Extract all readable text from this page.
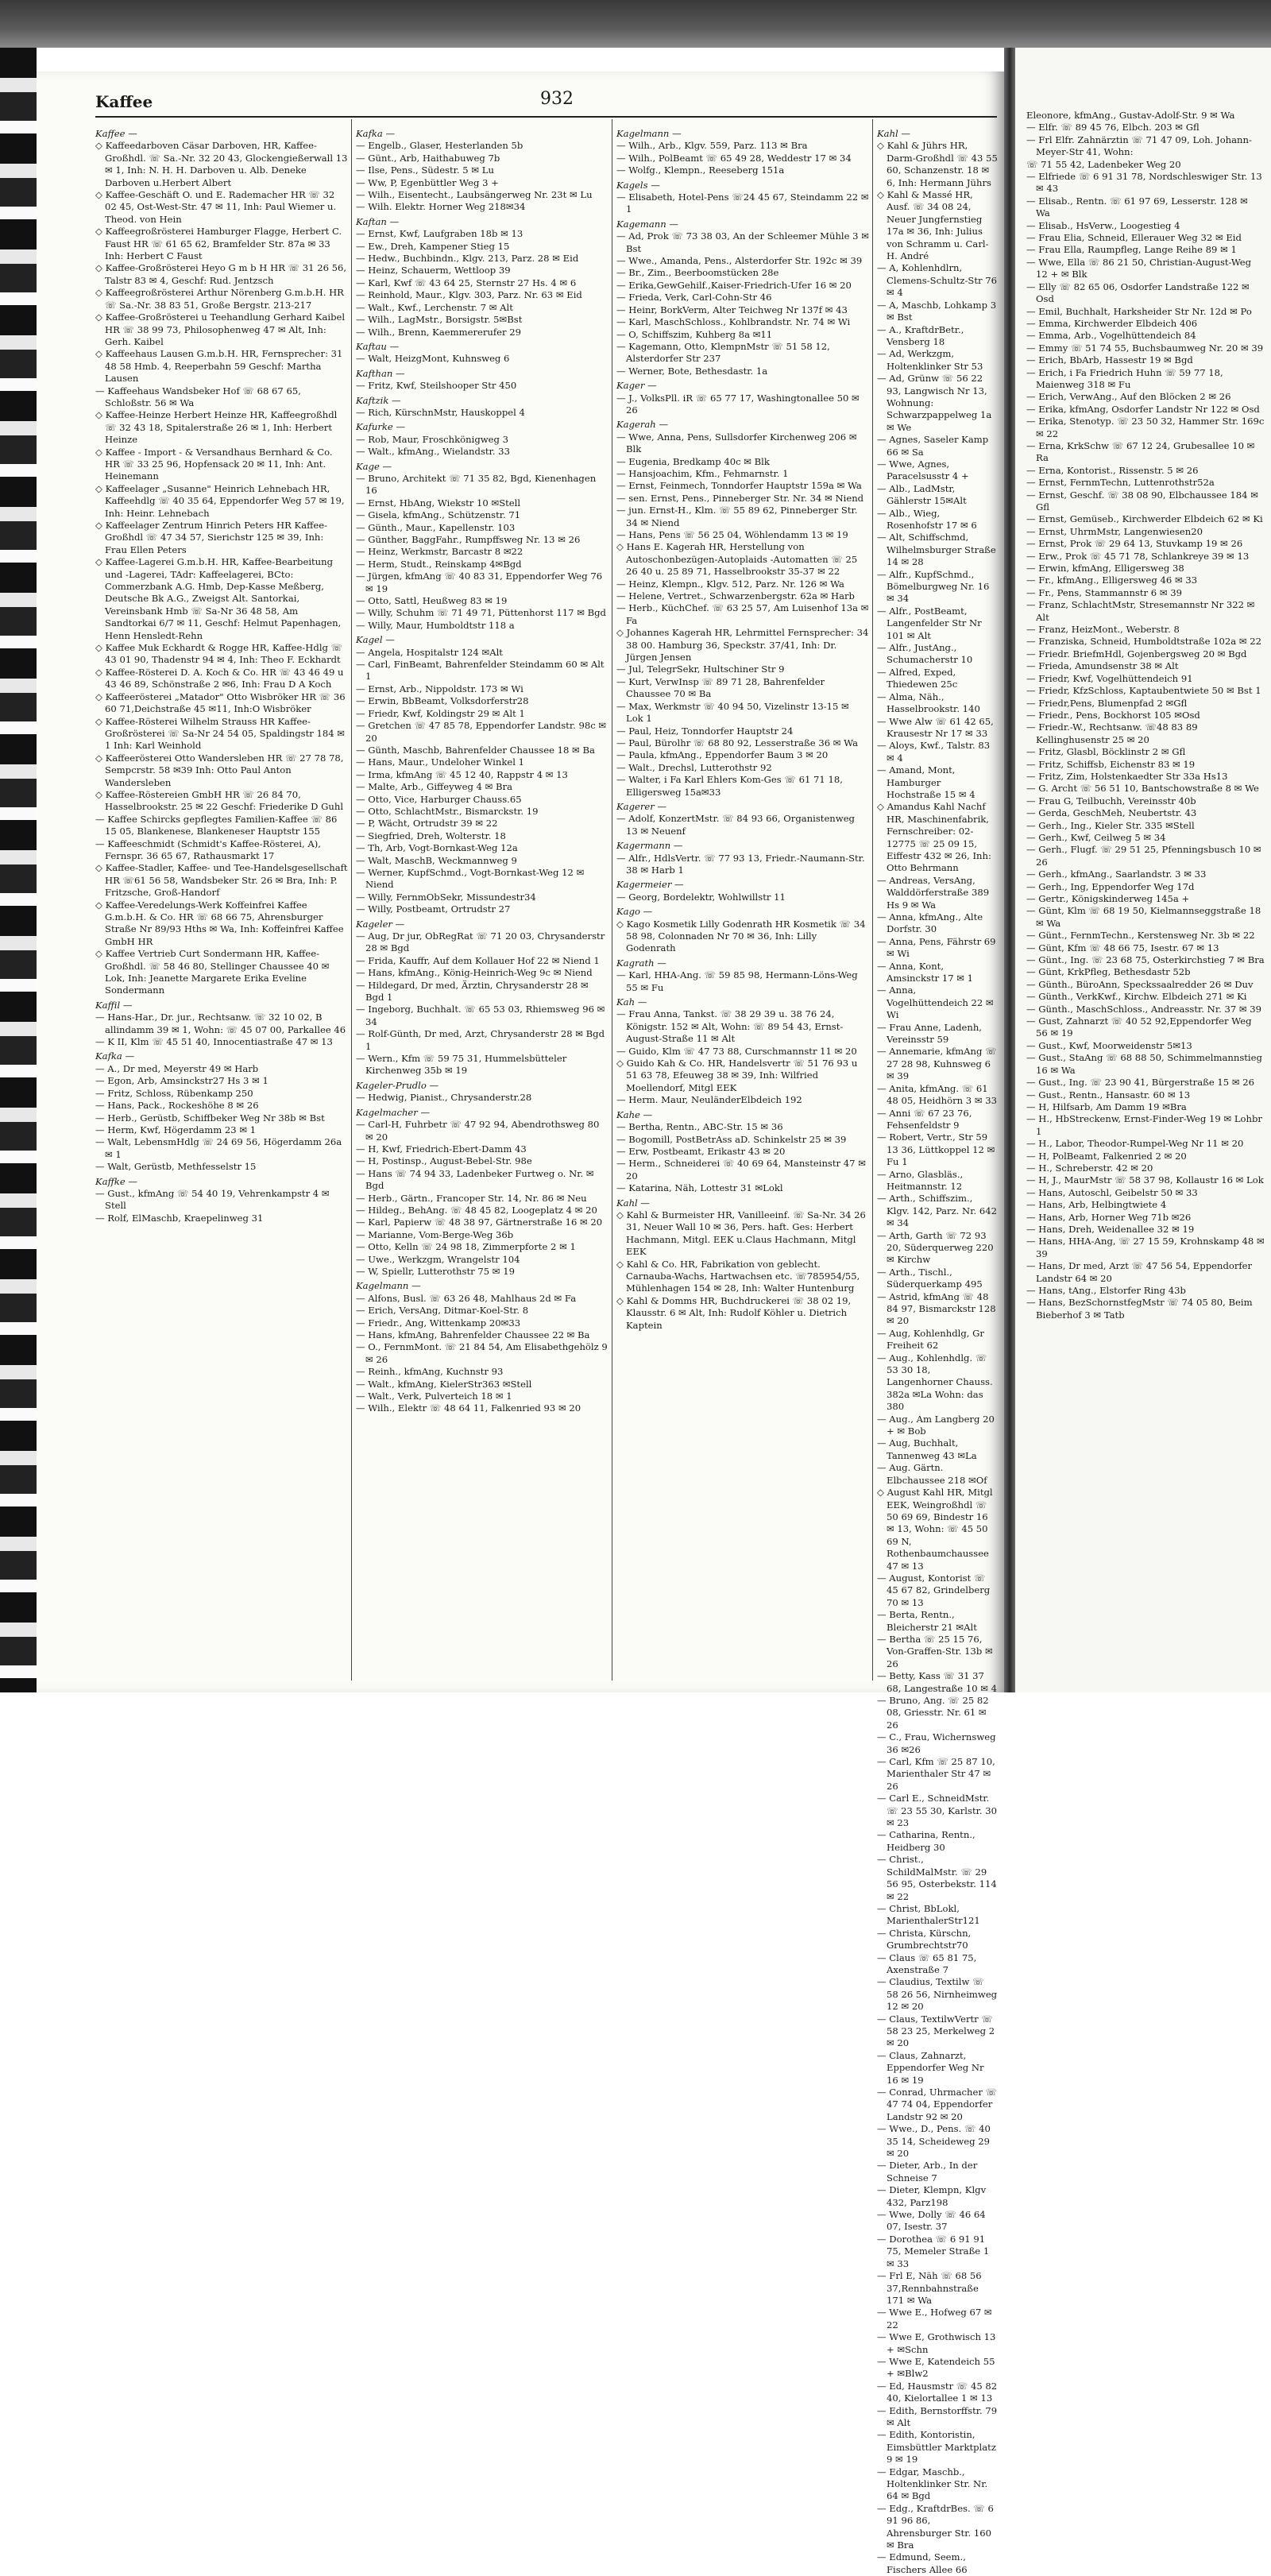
Kaffee	932
Kaffee —
◇ Kaffeedarboven Cäsar Darboven, HR, Kaffee-Großhdl. ☏ Sa.-Nr. 32 20 43, Glockengießerwall 13 ✉ 1, Inh: N. H. H. Darboven u. Alb. Deneke Darboven u.Herbert Albert
◇ Kaffee-Geschäft O. und E. Rademacher HR ☏ 32 02 45, Ost-West-Str. 47 ✉ 11, Inh: Paul Wiemer u. Theod. von Hein
◇ Kaffeegroßrösterei Hamburger Flagge, Herbert C. Faust HR ☏ 61 65 62, Bramfelder Str. 87a ✉ 33 Inh: Herbert C Faust
◇ Kaffee-Großrösterei Heyo G m b H HR ☏ 31 26 56, Talstr 83 ✉ 4, Geschf: Rud. Jentzsch
◇ Kaffeegroßrösterei Arthur Nörenberg G.m.b.H. HR ☏ Sa.-Nr. 38 83 51, Große Bergstr. 213-217
◇ Kaffee-Großrösterei u Teehandlung Gerhard Kaibel HR ☏ 38 99 73, Philosophenweg 47 ✉ Alt, Inh: Gerh. Kaibel
◇ Kaffeehaus Lausen G.m.b.H. HR, Fernsprecher: 31 48 58 Hmb. 4, Reeperbahn 59 Geschf: Martha Lausen
— Kaffeehaus Wandsbeker Hof ☏ 68 67 65, Schloßstr. 56 ✉ Wa
◇ Kaffee-Heinze Herbert Heinze HR, Kaffeegroßhdl ☏ 32 43 18, Spitalerstraße 26 ✉ 1, Inh: Herbert Heinze
◇ Kaffee - Import - & Versandhaus Bernhard & Co. HR ☏ 33 25 96, Hopfensack 20 ✉ 11, Inh: Ant. Heinemann
◇ Kaffeelager „Susanne" Heinrich Lehnebach HR, Kaffeehdlg ☏ 40 35 64, Eppendorfer Weg 57 ✉ 19, Inh: Heinr. Lehnebach
◇ Kaffeelager Zentrum Hinrich Peters HR Kaffee-Großhdl ☏ 47 34 57, Sierichstr 125 ✉ 39, Inh: Frau Ellen Peters
◇ Kaffee-Lagerei G.m.b.H. HR, Kaffee-Bearbeitung und -Lagerei, TAdr: Kaffeelagerei, BCto: Commerzbank A.G. Hmb, Dep-Kasse Meßberg, Deutsche Bk A.G., Zweigst Alt. Santorkai, Vereinsbank Hmb ☏ Sa-Nr 36 48 58, Am Sandtorkai 6/7 ✉ 11, Geschf: Helmut Papenhagen, Henn Hensledt-Rehn
◇ Kaffee Muk Eckhardt & Rogge HR, Kaffee-Hdlg ☏ 43 01 90, Thadenstr 94 ✉ 4, Inh: Theo F. Eckhardt
◇ Kaffee-Rösterei D. A. Koch & Co. HR ☏ 43 46 49 u 43 46 89, Schönstraße 2 ✉6, Inh: Frau D A Koch
◇ Kaffeerösterei „Matador" Otto Wisbröker HR ☏ 36 60 71,Deichstraße 45 ✉11, Inh:O Wisbröker
◇ Kaffee-Rösterei Wilhelm Strauss HR Kaffee-Großrösterei ☏ Sa-Nr 24 54 05, Spaldingstr 184 ✉ 1 Inh: Karl Weinhold
◇ Kaffeerösterei Otto Wandersleben HR ☏ 27 78 78, Sempcrstr. 58 ✉39 Inh: Otto Paul Anton Wandersleben
◇ Kaffee-Röstereien GmbH HR ☏ 26 84 70, Hasselbrookstr. 25 ✉ 22 Geschf: Friederike D Guhl
— Kaffee Schircks gepflegtes Familien-Kaffee ☏ 86 15 05, Blankenese, Blankeneser Hauptstr 155
— Kaffeeschmidt (Schmidt's Kaffee-Rösterei, A), Fernspr. 36 65 67, Rathausmarkt 17
◇ Kaffee-Stadler, Kaffee- und Tee-Handelsgesellschaft HR ☏61 56 58, Wandsbeker Str. 26 ✉ Bra, Inh: P. Fritzsche, Groß-Handorf
◇ Kaffee-Veredelungs-Werk Koffeinfrei Kaffee G.m.b.H. & Co. HR ☏ 68 66 75, Ahrensburger Straße Nr 89/93 Hths ✉ Wa, Inh: Koffeinfrei Kaffee GmbH HR
◇ Kaffee Vertrieb Curt Sondermann HR, Kaffee-Großhdl. ☏ 58 46 80, Stellinger Chaussee 40 ✉ Lok, Inh: Jeanette Margarete Erika Eveline Sondermann
Kaffil —
— Hans-Har., Dr. jur., Rechtsanw. ☏ 32 10 02, B allindamm 39 ✉ 1, Wohn: ☏ 45 07 00, Parkallee 46
— K II, Klm ☏ 45 51 40, Innocentiastraße 47 ✉ 13
Kafka —
— A., Dr med, Meyerstr 49 ✉ Harb
— Egon, Arb, Amsinckstr27 Hs 3 ✉ 1
— Fritz, Schloss, Rübenkamp 250
— Hans, Pack., Rockeshöhe 8 ✉ 26
— Herb., Gerüstb, Schiffbeker Weg Nr 38b ✉ Bst
— Herm, Kwf, Högerdamm 23 ✉ 1
— Walt, LebensmHdlg ☏ 24 69 56, Högerdamm 26a ✉ 1
— Walt, Gerüstb, Methfesselstr 15
Kaffke —
— Gust., kfmAng ☏ 54 40 19, Vehrenkampstr 4 ✉ Stell
— Rolf, ElMaschb, Kraepelinweg 31
Kafka —
— Engelb., Glaser, Hesterlanden 5b
— Günt., Arb, Haithabuweg 7b
— Ilse, Pens., Südestr. 5 ✉ Lu
— Ww, P, Egenbüttler Weg 3 +
— Wilh., Eisentecht., Laubsängerweg Nr. 23t ✉ Lu
— Wilh. Elektr. Horner Weg 218✉34
Kaftan —
— Ernst, Kwf, Laufgraben 18b ✉ 13
— Ew., Dreh, Kampener Stieg 15
— Hedw., Buchbindn., Klgv. 213, Parz. 28 ✉ Eid
— Heinz, Schauerm, Wettloop 39
— Karl, Kwf ☏ 43 64 25, Sternstr 27 Hs. 4 ✉ 6
— Reinhold, Maur., Klgv. 303, Parz. Nr. 63 ✉ Eid
— Walt., Kwf., Lerchenstr. 7 ✉ Alt
— Wilh., LagMstr., Borsigstr. 5✉Bst
— Wilh., Brenn, Kaemmererufer 29
Kaftau —
— Walt, HeizgMont, Kuhnsweg 6
Kafthan —
— Fritz, Kwf, Steilshooper Str 450
Kaftzik —
— Rich, KürschnMstr, Hauskoppel 4
Kafurke —
— Rob, Maur, Froschkönigweg 3
— Walt., kfmAng., Wielandstr. 33
Kage —
— Bruno, Architekt ☏ 71 35 82, Bgd, Kienenhagen 16
— Ernst, HbAng, Wiekstr 10 ✉Stell
— Gisela, kfmAng., Schützenstr. 71
— Günth., Maur., Kapellenstr. 103
— Günther, BaggFahr., Rumpffsweg Nr. 13 ✉ 26
— Heinz, Werkmstr, Barcastr 8 ✉22
— Herm, Studt., Reinskamp 4✉Bgd
— Jürgen, kfmAng ☏ 40 83 31, Eppendorfer Weg 76 ✉ 19
— Otto, Sattl, Heußweg 83 ✉ 19
— Willy, Schuhm ☏ 71 49 71, Püttenhorst 117 ✉ Bgd
— Willy, Maur, Humboldtstr 118 a
Kagel —
— Angela, Hospitalstr 124 ✉Alt
— Carl, FinBeamt, Bahrenfelder Steindamm 60 ✉ Alt 1
— Ernst, Arb., Nippoldstr. 173 ✉ Wi
— Erwin, BbBeamt, Volksdorferstr28
— Friedr, Kwf, Koldingstr 29 ✉ Alt 1
— Gretchen ☏ 47 85 78, Eppendorfer Landstr. 98c ✉ 20
— Günth, Maschb, Bahrenfelder Chaussee 18 ✉ Ba
— Hans, Maur., Undeloher Winkel 1
— Irma, kfmAng ☏ 45 12 40, Rappstr 4 ✉ 13
— Malte, Arb., Giffeyweg 4 ✉ Bra
— Otto, Vice, Harburger Chauss.65
— Otto, SchlachtMstr., Bismarckstr. 19
— P, Wächt, Ortrudstr 39 ✉ 22
— Siegfried, Dreh, Wolterstr. 18
— Th, Arb, Vogt-Bornkast-Weg 12a
— Walt, MaschB, Weckmannweg 9
— Werner, KupfSchmd., Vogt-Bornkast-Weg 12 ✉ Niend
— Willy, FernmObSekr, Missundestr34
— Willy, Postbeamt, Ortrudstr 27
Kageler —
— Aug, Dr jur, ObRegRat ☏ 71 20 03, Chrysanderstr 28 ✉ Bgd
— Frida, Kauffr, Auf dem Kollauer Hof 22 ✉ Niend 1
— Hans, kfmAng., König-Heinrich-Weg 9c ✉ Niend
— Hildegard, Dr med, Ärztin, Chrysanderstr 28 ✉ Bgd 1
— Ingeborg, Buchhalt. ☏ 65 53 03, Rhiemsweg 96 ✉ 34
— Rolf-Günth, Dr med, Arzt, Chrysanderstr 28 ✉ Bgd 1
— Wern., Kfm ☏ 59 75 31, Hummelsbütteler Kirchenweg 35b ✉ 19
Kageler-Prudlo —
— Hedwig, Pianist., Chrysanderstr.28
Kagelmacher —
— Carl-H, Fuhrbetr ☏ 47 92 94, Abendrothsweg 80 ✉ 20
— H, Kwf, Friedrich-Ebert-Damm 43
— H, Postinsp., August-Bebel-Str. 98e
— Hans ☏ 74 94 33, Ladenbeker Furtweg o. Nr. ✉ Bgd
— Herb., Gärtn., Francoper Str. 14, Nr. 86 ✉ Neu
— Hildeg., BehAng. ☏ 48 45 82, Loogeplatz 4 ✉ 20
— Karl, Papierw ☏ 48 38 97, Gärtnerstraße 16 ✉ 20
— Marianne, Vom-Berge-Weg 36b
— Otto, Kelln ☏ 24 98 18, Zimmerpforte 2 ✉ 1
— Uwe., Werkzgm, Wrangelstr 104
— W, Spiellr, Lutterothstr 75 ✉ 19
Kagelmann —
— Alfons, Busl. ☏ 63 26 48, Mahlhaus 2d ✉ Fa
— Erich, VersAng, Ditmar-Koel-Str. 8
— Friedr., Ang, Wittenkamp 20✉33
— Hans, kfmAng, Bahrenfelder Chaussee 22 ✉ Ba
— O., FernmMont. ☏ 21 84 54, Am Elisabethgehölz 9 ✉ 26
— Reinh., kfmAng, Kuchnstr 93
— Walt., kfmAng, KielerStr363 ✉Stell
— Walt., Verk, Pulverteich 18 ✉ 1
— Wilh., Elektr ☏ 48 64 11, Falkenried 93 ✉ 20
Kagelmann —
— Wilh., Arb., Klgv. 559, Parz. 113 ✉ Bra
— Wilh., PolBeamt ☏ 65 49 28, Weddestr 17 ✉ 34
— Wolfg., Klempn., Reeseberg 151a
Kagels —
— Elisabeth, Hotel-Pens ☏24 45 67, Steindamm 22 ✉ 1
Kagemann —
— Ad, Prok ☏ 73 38 03, An der Schleemer Mühle 3 ✉ Bst
— Wwe., Amanda, Pens., Alsterdorfer Str. 192c ✉ 39
— Br., Zim., Beerboomstücken 28e
— Erika,GewGehilf.,Kaiser-Friedrich-Ufer 16 ✉ 20
— Frieda, Verk, Carl-Cohn-Str 46
— Heinr, BorkVerm, Alter Teichweg Nr 137f ✉ 43
— Karl, MaschSchloss., Kohlbrandstr. Nr. 74 ✉ Wi
— O, Schiffszim, Kuhberg 8a ✉11
— Kagemann, Otto, KlempnMstr ☏ 51 58 12, Alsterdorfer Str 237
— Werner, Bote, Bethesdastr. 1a
Kager —
— J., VolksPll. iR ☏ 65 77 17, Washingtonallee 50 ✉ 26
Kagerah —
— Wwe, Anna, Pens, Sullsdorfer Kirchenweg 206 ✉ Blk
— Eugenia, Bredkamp 40c ✉ Blk
— Hansjoachim, Kfm., Fehmarnstr. 1
— Ernst, Feinmech, Tonndorfer Hauptstr 159a ✉ Wa
— sen. Ernst, Pens., Pinneberger Str. Nr. 34 ✉ Niend
— jun. Ernst-H., Klm. ☏ 55 89 62, Pinneberger Str. 34 ✉ Niend
— Hans, Pens ☏ 56 25 04, Wöhlendamm 13 ✉ 19
◇ Hans E. Kagerah HR, Herstellung von Autoschonbezügen-Autoplaids -Automatten ☏ 25 26 40 u. 25 89 71, Hasselbrookstr 35-37 ✉ 22
— Heinz, Klempn., Klgv. 512, Parz. Nr. 126 ✉ Wa
— Helene, Vertret., Schwarzenbergstr. 62a ✉ Harb
— Herb., KüchChef. ☏ 63 25 57, Am Luisenhof 13a ✉ Fa
◇ Johannes Kagerah HR, Lehrmittel Fernsprecher: 34 38 00. Hamburg 36, Speckstr. 37/41, Inh: Dr. Jürgen Jensen
— Jul, TelegrSekr, Hultschiner Str 9
— Kurt, VerwInsp ☏ 89 71 28, Bahrenfelder Chaussee 70 ✉ Ba
— Max, Werkmstr ☏ 40 94 50, Vizelinstr 13-15 ✉ Lok 1
— Paul, Heiz, Tonndorfer Hauptstr 24
— Paul, Bürolhr ☏ 68 80 92, Lesserstraße 36 ✉ Wa
— Paula, kfmAng., Eppendorfer Baum 3 ✉ 20
— Walt., Drechsl, Lutterothstr 92
— Walter, i Fa Karl Ehlers Kom-Ges ☏ 61 71 18, Elligersweg 15a✉33
Kagerer —
— Adolf, KonzertMstr. ☏ 84 93 66, Organistenweg 13 ✉ Neuenf
Kagermann —
— Alfr., HdlsVertr. ☏ 77 93 13, Friedr.-Naumann-Str. 38 ✉ Harb 1
Kagermeier —
— Georg, Bordelektr, Wohlwillstr 11
Kago —
◇ Kago Kosmetik Lilly Godenrath HR Kosmetik ☏ 34 58 98, Colonnaden Nr 70 ✉ 36, Inh: Lilly Godenrath
Kagrath —
— Karl, HHA-Ang. ☏ 59 85 98, Hermann-Löns-Weg 55 ✉ Fu
Kah —
— Frau Anna, Tankst. ☏ 38 29 39 u. 38 76 24, Königstr. 152 ✉ Alt, Wohn: ☏ 89 54 43, Ernst-August-Straße 11 ✉ Alt
— Guido, Klm ☏ 47 73 88, Curschmannstr 11 ✉ 20
◇ Guido Kah & Co. HR, Handelsvertr ☏ 51 76 93 u 51 63 78, Efeuweg 38 ✉ 39, Inh: Wilfried Moellendorf, Mitgl EEK
— Herm. Maur, NeuländerElbdeich 192
Kahe —
— Bertha, Rentn., ABC-Str. 15 ✉ 36
— Bogomill, PostBetrAss aD. Schinkelstr 25 ✉ 39
— Erw, Postbeamt, Erikastr 43 ✉ 20
— Herm., Schneiderei ☏ 40 69 64, Mansteinstr 47 ✉ 20
— Katarina, Näh, Lottestr 31 ✉Lokl
Kahl —
◇ Kahl & Burmeister HR, Vanilleeinf. ☏ Sa-Nr. 34 26 31, Neuer Wall 10 ✉ 36, Pers. haft. Ges: Herbert Hachmann, Mitgl. EEK u.Claus Hachmann, Mitgl EEK
◇ Kahl & Co. HR, Fabrikation von geblecht. Carnauba-Wachs, Hartwachsen etc. ☏785954/55, Mühlenhagen 154 ✉ 28, Inh: Walter Huntenburg
◇ Kahl & Domms HR, Buchdruckerei ☏ 38 02 19, Klausstr. 6 ✉ Alt, Inh: Rudolf Köhler u. Dietrich Kaptein
Kahl —
◇ Kahl & Jührs HR, Darm-Großhdl ☏ 43 55 60, Schanzenstr. 18 ✉ 6, Inh: Hermann Jührs
◇ Kahl & Massé HR, Ausf. ☏ 34 08 24, Neuer Jungfernstieg 17a ✉ 36, Inh: Julius von Schramm u. Carl-H. André
— A, Kohlenhdlrn, Clemens-Schultz-Str 76 ✉ 4
— A, Maschb, Lohkamp 3 ✉ Bst
— A., KraftdrBetr., Vensberg 18
— Ad, Werkzgm, Holtenklinker Str 53
— Ad, Grünw ☏ 56 22 93, Langwisch Nr 13, Wohnung: Schwarzpappelweg 1a ✉ We
— Agnes, Saseler Kamp 66 ✉ Sa
— Wwe, Agnes, Paracelsusstr 4 +
— Alb., LadMstr, Gählerstr 15✉Alt
— Alb., Wieg, Rosenhofstr 17 ✉ 6
— Alt, Schiffschmd, Wilhelmsburger Straße 14 ✉ 28
— Alfr., KupfSchmd., Bömelburgweg Nr. 16 ✉ 34
— Alfr., PostBeamt, Langenfelder Str Nr 101 ✉ Alt
— Alfr., JustAng., Schumacherstr 10
— Alfred, Exped, Thiedewen 25c
— Alma, Näh., Hasselbrookstr. 140
— Wwe Alw ☏ 61 42 65, Krausestr Nr 17 ✉ 33
— Aloys, Kwf., Talstr. 83 ✉ 4
— Amand, Mont, Hamburger Hochstraße 15 ✉ 4
◇ Amandus Kahl Nachf HR, Maschinenfabrik, Fernschreiber: 02-12775 ☏ 25 09 15, Eiffestr 432 ✉ 26, Inh: Otto Behrmann
— Andreas, VersAng, Walddörferstraße 389 Hs 9 ✉ Wa
— Anna, kfmAng., Alte Dorfstr. 30
— Anna, Pens, Fährstr 69 ✉ Wi
— Anna, Kont, Amsinckstr 17 ✉ 1
— Anna, Vogelhüttendeich 22 ✉ Wi
— Frau Anne, Ladenh, Vereinsstr 59
— Annemarie, kfmAng ☏ 27 28 98, Kuhnsweg 6 ✉ 39
— Anita, kfmAng. ☏ 61 48 05, Heidhörn 3 ✉ 33
— Anni ☏ 67 23 76, Fehsenfeldstr 9
— Robert, Vertr., Str 59 13 36, Lüttkoppel 12 ✉ Fu 1
— Arno, Glasbläs., Heitmannstr. 12
— Arth., Schiffszim., Klgv. 142, Parz. Nr. 642 ✉ 34
— Arth, Garth ☏ 72 93 20, Süderquerweg 220 ✉ Kirchw
— Arth., Tischl., Süderquerkamp 495
— Astrid, kfmAng ☏ 48 84 97, Bismarckstr 128 ✉ 20
— Aug, Kohlenhdlg, Gr Freiheit 62
— Aug., Kohlenhdlg. ☏ 53 30 18, Langenhorner Chauss. 382a ✉La Wohn: das 380
— Aug., Am Langberg 20 + ✉ Bob
— Aug, Buchhalt, Tannenweg 43 ✉La
— Aug. Gärtn. Elbchaussee 218 ✉Of
◇ August Kahl HR, Mitgl EEK, Weingroßhdl ☏ 50 69 69, Bindestr 16 ✉ 13, Wohn: ☏ 45 50 69 N, Rothenbaumchaussee 47 ✉ 13
— August, Kontorist ☏ 45 67 82, Grindelberg 70 ✉ 13
— Berta, Rentn., Bleicherstr 21 ✉Alt
— Bertha ☏ 25 15 76, Von-Graffen-Str. 13b ✉ 26
— Betty, Kass ☏ 31 37 68, Langestraße 10 ✉ 4
— Bruno, Ang. ☏ 25 82 08, Griesstr. Nr. 61 ✉ 26
— C., Frau, Wichernsweg 36 ✉26
— Carl, Kfm ☏ 25 87 10, Marienthaler Str 47 ✉ 26
— Carl E., SchneidMstr. ☏ 23 55 30, Karlstr. 30 ✉ 23
— Catharina, Rentn., Heidberg 30
— Christ., SchildMalMstr. ☏ 29 56 95, Osterbekstr. 114 ✉ 22
— Christ, BbLokl, MarienthalerStr121
— Christa, Kürschn, Grumbrechtstr70
— Claus ☏ 65 81 75, Axenstraße 7
— Claudius, Textilw ☏ 58 26 56, Nirnheimweg 12 ✉ 20
— Claus, TextilwVertr ☏ 58 23 25, Merkelweg 2 ✉ 20
— Claus, Zahnarzt, Eppendorfer Weg Nr 16 ✉ 19
— Conrad, Uhrmacher ☏ 47 74 04, Eppendorfer Landstr 92 ✉ 20
— Wwe., D., Pens. ☏ 40 35 14, Scheideweg 29 ✉ 20
— Dieter, Arb., In der Schneise 7
— Dieter, Klempn, Klgv 432, Parz198
— Wwe, Dolly ☏ 46 64 07, Isestr. 37
— Dorothea ☏ 6 91 91 75, Memeler Straße 1 ✉ 33
— Frl E, Näh ☏ 68 56 37,Rennbahnstraße 171 ✉ Wa
— Wwe E., Hofweg 67 ✉ 22
— Wwe E, Grothwisch 13 + ✉Schn
— Wwe E, Katendeich 55 + ✉Blw2
— Ed, Hausmstr ☏ 45 82 40, Kielortallee 1 ✉ 13
— Edith, Bernstorffstr. 79 ✉ Alt
— Edith, Kontoristin, Eimsbüttler Marktplatz 9 ✉ 19
— Edgar, Maschb., Holtenklinker Str. Nr. 64 ✉ Bgd
— Edg., KraftdrBes. ☏ 6 91 96 86, Ahrensburger Str. 160 ✉ Bra
— Edmund, Seem., Fischers Allee 66
Eleonore, kfmAng., Gustav-Adolf-Str. 9 ✉ Wa
— Elfr. ☏ 89 45 76, Elbch. 203 ✉ Gfl
— Frl Elfr. Zahnärztin ☏ 71 47 09, Loh. Johann-Meyer-Str 41, Wohn:
☏ 71 55 42, Ladenbeker Weg 20
— Elfriede ☏ 6 91 31 78, Nordschleswiger Str. 13 ✉ 43
— Elisab., Rentn. ☏ 61 97 69, Lesserstr. 128 ✉ Wa
— Elisab., HsVerw., Loogestieg 4
— Frau Elia, Schneid, Ellerauer Weg 32 ✉ Eid
— Frau Ella, Raumpfleg, Lange Reihe 89 ✉ 1
— Wwe, Ella ☏ 86 21 50, Christian-August-Weg 12 + ✉ Blk
— Elly ☏ 82 65 06, Osdorfer Landstraße 122 ✉ Osd
— Emil, Buchhalt, Harksheider Str Nr. 12d ✉ Po
— Emma, Kirchwerder Elbdeich 406
— Emma, Arb., Vogelhüttendeich 84
— Emmy ☏ 51 74 55, Buchsbaumweg Nr. 20 ✉ 39
— Erich, BbArb, Hassestr 19 ✉ Bgd
— Erich, i Fa Friedrich Huhn ☏ 59 77 18, Maienweg 318 ✉ Fu
— Erich, VerwAng., Auf den Blöcken 2 ✉ 26
— Erika, kfmAng, Osdorfer Landstr Nr 122 ✉ Osd
— Erika, Stenotyp. ☏ 23 50 32, Hammer Str. 169c ✉ 22
— Erna, KrkSchw ☏ 67 12 24, Grubesallee 10 ✉ Ra
— Erna, Kontorist., Rissenstr. 5 ✉ 26
— Ernst, FernmTechn, Luttenrothstr52a
— Ernst, Geschf. ☏ 38 08 90, Elbchaussee 184 ✉ Gfl
— Ernst, Gemüseb., Kirchwerder Elbdeich 62 ✉ Ki
— Ernst, UhrmMstr, Langenwiesen20
— Ernst, Prok ☏ 29 64 13, Stuvkamp 19 ✉ 26
— Erw., Prok ☏ 45 71 78, Schlankreye 39 ✉ 13
— Erwin, kfmAng, Elligersweg 38
— Fr., kfmAng., Elligersweg 46 ✉ 33
— Fr., Pens, Stammannstr 6 ✉ 39
— Franz, SchlachtMstr, Stresemannstr Nr 322 ✉ Alt
— Franz, HeizMont., Weberstr. 8
— Franziska, Schneid, Humboldtstraße 102a ✉ 22
— Friedr. BriefmHdl, Gojenbergsweg 20 ✉ Bgd
— Frieda, Amundsenstr 38 ✉ Alt
— Friedr, Kwf, Vogelhüttendeich 91
— Friedr, KfzSchloss, Kaptaubentwiete 50 ✉ Bst 1
— Friedr,Pens, Blumenpfad 2 ✉Gfl
— Friedr., Pens, Bockhorst 105 ✉Osd
— Friedr.-W., Rechtsanw. ☏48 83 89 Kellinghusenstr 25 ✉ 20
— Fritz, Glasbl, Böcklinstr 2 ✉ Gfl
— Fritz, Schiffsb, Eichenstr 83 ✉ 19
— Fritz, Zim, Holstenkaedter Str 33a Hs13
— G. Archt ☏ 56 51 10, Bantschowstraße 8 ✉ We
— Frau G, Teilbuchh, Vereinsstr 40b
— Gerda, GeschMeh, Neubertstr. 43
— Gerh., Ing., Kieler Str. 335 ✉Stell
— Gerh., Kwf, Ceilweg 5 ✉ 34
— Gerh., Flugf. ☏ 29 51 25, Pfenningsbusch 10 ✉ 26
— Gerh., kfmAng., Saarlandstr. 3 ✉ 33
— Gerh., Ing, Eppendorfer Weg 17d
— Gertr., Königskinderweg 145a +
— Günt, Klm ☏ 68 19 50, Kielmannseggstraße 18 ✉ Wa
— Günt., FernmTechn., Kerstensweg Nr. 3b ✉ 22
— Günt, Kfm ☏ 48 66 75, Isestr. 67 ✉ 13
— Günt., Ing. ☏ 23 68 75, Osterkirchstieg 7 ✉ Bra
— Günt, KrkPfleg, Bethesdastr 52b
— Günth., BüroAnn, Speckssaalredder 26 ✉ Duv
— Günth., VerkKwf., Kirchw. Elbdeich 271 ✉ Ki
— Günth., MaschSchloss., Andreasstr. Nr. 37 ✉ 39
— Gust, Zahnarzt ☏ 40 52 92,Eppendorfer Weg 56 ✉ 19
— Gust., Kwf, Moorweidenstr 5✉13
— Gust., StaAng ☏ 68 88 50, Schimmelmannstieg 16 ✉ Wa
— Gust., Ing. ☏ 23 90 41, Bürgerstraße 15 ✉ 26
— Gust., Rentn., Hansastr. 60 ✉ 13
— H, Hilfsarb, Am Damm 19 ✉Bra
— H., HbStreckenw, Ernst-Finder-Weg 19 ✉ Lohbr 1
— H., Labor, Theodor-Rumpel-Weg Nr 11 ✉ 20
— H, PolBeamt, Falkenried 2 ✉ 20
— H., Schreberstr. 42 ✉ 20
— H, J., MaurMstr ☏ 58 37 98, Kollaustr 16 ✉ Lok
— Hans, Autoschl, Geibelstr 50 ✉ 33
— Hans, Arb, Helbingtwiete 4
— Hans, Arb, Horner Weg 71b ✉26
— Hans, Dreh, Weidenallee 32 ✉ 19
— Hans, HHA-Ang, ☏ 27 15 59, Krohnskamp 48 ✉ 39
— Hans, Dr med, Arzt ☏ 47 56 54, Eppendorfer Landstr 64 ✉ 20
— Hans, tAng., Elstorfer Ring 43b
— Hans, BezSchornstfegMstr ☏ 74 05 80, Beim Bieberhof 3 ✉ Tatb
